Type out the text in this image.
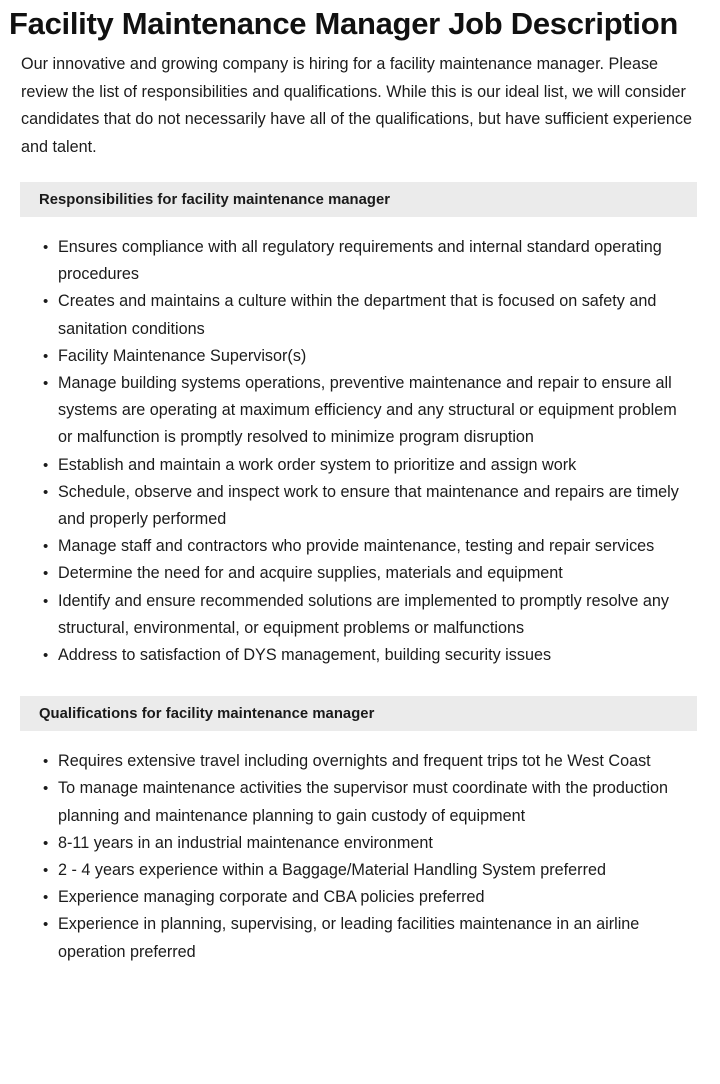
Facility Maintenance Manager Job Description

Our innovative and growing company is hiring for a facility maintenance manager. Please review the list of responsibilities and qualifications. While this is our ideal list, we will consider candidates that do not necessarily have all of the qualifications, but have sufficient experience and talent.

Responsibilities for facility maintenance manager
• Ensures compliance with all regulatory requirements and internal standard operating procedures
• Creates and maintains a culture within the department that is focused on safety and sanitation conditions
• Facility Maintenance Supervisor(s)
• Manage building systems operations, preventive maintenance and repair to ensure all systems are operating at maximum efficiency and any structural or equipment problem or malfunction is promptly resolved to minimize program disruption
• Establish and maintain a work order system to prioritize and assign work
• Schedule, observe and inspect work to ensure that maintenance and repairs are timely and properly performed
• Manage staff and contractors who provide maintenance, testing and repair services
• Determine the need for and acquire supplies, materials and equipment
• Identify and ensure recommended solutions are implemented to promptly resolve any structural, environmental, or equipment problems or malfunctions
• Address to satisfaction of DYS management, building security issues
Qualifications for facility maintenance manager
• Requires extensive travel including overnights and frequent trips tot he West Coast
• To manage maintenance activities the supervisor must coordinate with the production planning and maintenance planning to gain custody of equipment
• 8-11 years in an industrial maintenance environment
• 2 - 4 years experience within a Baggage/Material Handling System preferred
• Experience managing corporate and CBA policies preferred
• Experience in planning, supervising, or leading facilities maintenance in an airline operation preferred
